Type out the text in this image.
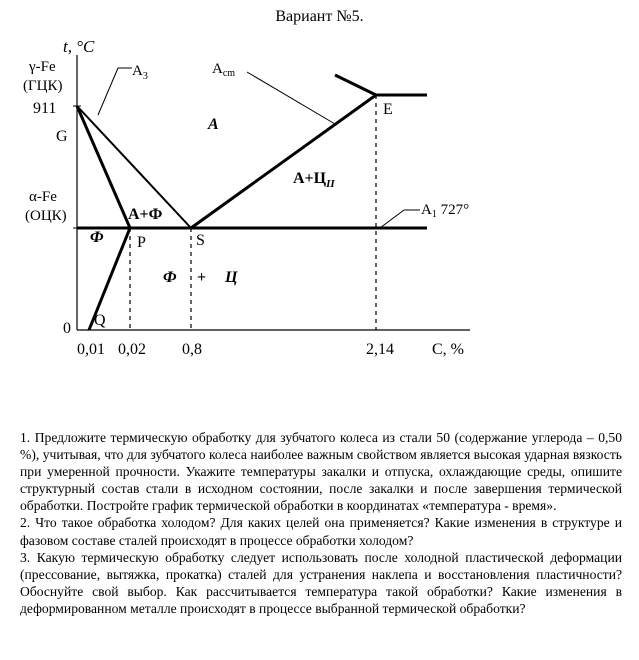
Вариант №5.
t, °C
C, %
γ-Fe
(ГЦК)
911
G
α-Fe
(ОЦК)
0
$A_3$	$A_{cm}$
$A_1$ 727°
E
P	S
Q
A
А+Ф
$А+Ц_{II}$
Ф
Ф + Ц
0,01 0,02 0,8	2,14

1. Предложите термическую обработку для зубчатого колеса из стали 50 (содержание углерода – 0,50 %), учитывая, что для зубчатого колеса наиболее важным свойством является высокая ударная вязкость при умеренной прочности. Укажите температуры закалки и отпуска, охлаждающие среды, опишите структурный состав стали в исходном состоянии, после закалки и после завершения термической обработки. Постройте график термической обработки в координатах «температура - время».

2. Что такое обработка холодом? Для каких целей она применяется? Какие изменения в структуре и фазовом составе сталей происходят в процессе обработки холодом?

3. Какую термическую обработку следует использовать после холодной пластической деформации (прессование, вытяжка, прокатка) сталей для устранения наклепа и восстановления пластичности? Обоснуйте свой выбор. Как рассчитывается температура такой обработки? Какие изменения в деформированном металле происходят в процессе выбранной термической обработки?
